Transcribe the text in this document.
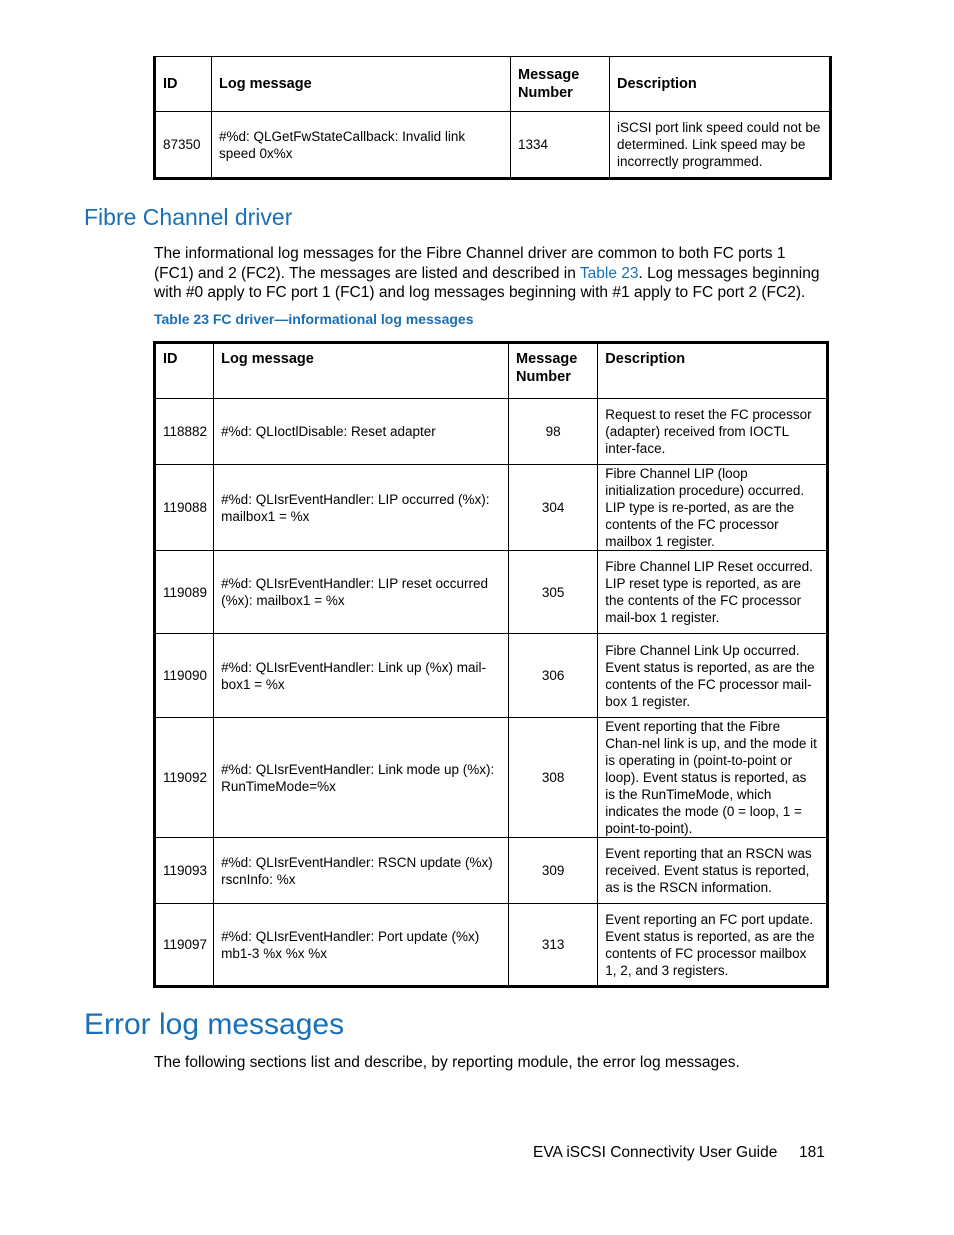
ID	Log message	Message Number	Description
87350	#%d: QLGetFwStateCallback: Invalid link speed 0x%x	1334	iSCSI port link speed could not be determined. Link speed may be incorrectly programmed.
Fibre Channel driver

The informational log messages for the Fibre Channel driver are common to both FC ports 1 (FC1) and 2 (FC2). The messages are listed and described in Table 23. Log messages beginning with #0 apply to FC port 1 (FC1) and log messages beginning with #1 apply to FC port 2 (FC2).

Table 23 FC driver—informational log messages
ID	Log message	Message Number	Description
118882	#%d: QLIoctlDisable: Reset adapter	98	Request to reset the FC processor (adapter) received from IOCTL inter-face.
119088	#%d: QLIsrEventHandler: LIP occurred (%x): mailbox1 = %x	304	Fibre Channel LIP (loop initialization procedure) occurred. LIP type is re-ported, as are the contents of the FC processor mailbox 1 register.
119089	#%d: QLIsrEventHandler: LIP reset occurred (%x): mailbox1 = %x	305	Fibre Channel LIP Reset occurred. LIP reset type is reported, as are the contents of the FC processor mail-box 1 register.
119090	#%d: QLIsrEventHandler: Link up (%x) mail-box1 = %x	306	Fibre Channel Link Up occurred. Event status is reported, as are the contents of the FC processor mail-box 1 register.
119092	#%d: QLIsrEventHandler: Link mode up (%x): RunTimeMode=%x	308	Event reporting that the Fibre Chan-nel link is up, and the mode it is operating in (point-to-point or loop). Event status is reported, as is the RunTimeMode, which indicates the mode (0 = loop, 1 = point-to-point).
119093	#%d: QLIsrEventHandler: RSCN update (%x) rscnInfo: %x	309	Event reporting that an RSCN was received. Event status is reported, as is the RSCN information.
119097	#%d: QLIsrEventHandler: Port update (%x) mb1-3 %x %x %x	313	Event reporting an FC port update. Event status is reported, as are the contents of FC processor mailbox 1, 2, and 3 registers.
Error log messages

The following sections list and describe, by reporting module, the error log messages.

EVA iSCSI Connectivity User Guide 181
